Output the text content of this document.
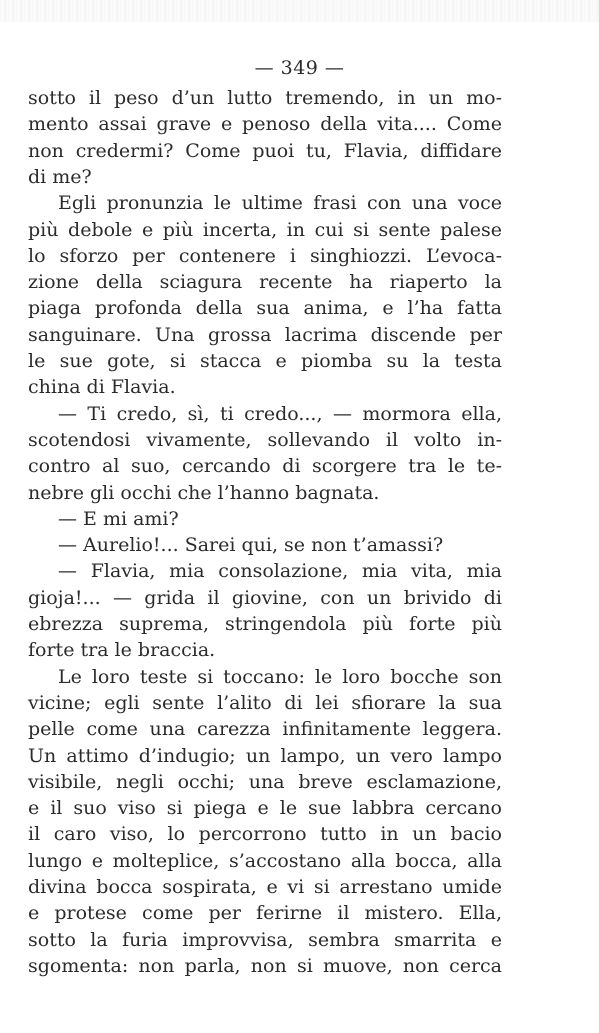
— 349 —
sotto il peso d’un lutto tremendo, in un mo-
mento assai grave e penoso della vita.... Come
non credermi? Come puoi tu, Flavia, diffidare
di me?
Egli pronunzia le ultime frasi con una voce
più debole e più incerta, in cui si sente palese
lo sforzo per contenere i singhiozzi. L’evoca-
zione della sciagura recente ha riaperto la
piaga profonda della sua anima, e l’ha fatta
sanguinare. Una grossa lacrima discende per
le sue gote, si stacca e piomba su la testa
china di Flavia.
— Ti credo, sì, ti credo..., — mormora ella,
scotendosi vivamente, sollevando il volto in-
contro al suo, cercando di scorgere tra le te-
nebre gli occhi che l’hanno bagnata.
— E mi ami?
— Aurelio!... Sarei qui, se non t’amassi?
— Flavia, mia consolazione, mia vita, mia
gioja!... — grida il giovine, con un brivido di
ebrezza suprema, stringendola più forte più
forte tra le braccia.
Le loro teste si toccano: le loro bocche son
vicine; egli sente l’alito di lei sfiorare la sua
pelle come una carezza infinitamente leggera.
Un attimo d’indugio; un lampo, un vero lampo
visibile, negli occhi; una breve esclamazione,
e il suo viso si piega e le sue labbra cercano
il caro viso, lo percorrono tutto in un bacio
lungo e molteplice, s’accostano alla bocca, alla
divina bocca sospirata, e vi si arrestano umide
e protese come per ferirne il mistero. Ella,
sotto la furia improvvisa, sembra smarrita e
sgomenta: non parla, non si muove, non cerca
